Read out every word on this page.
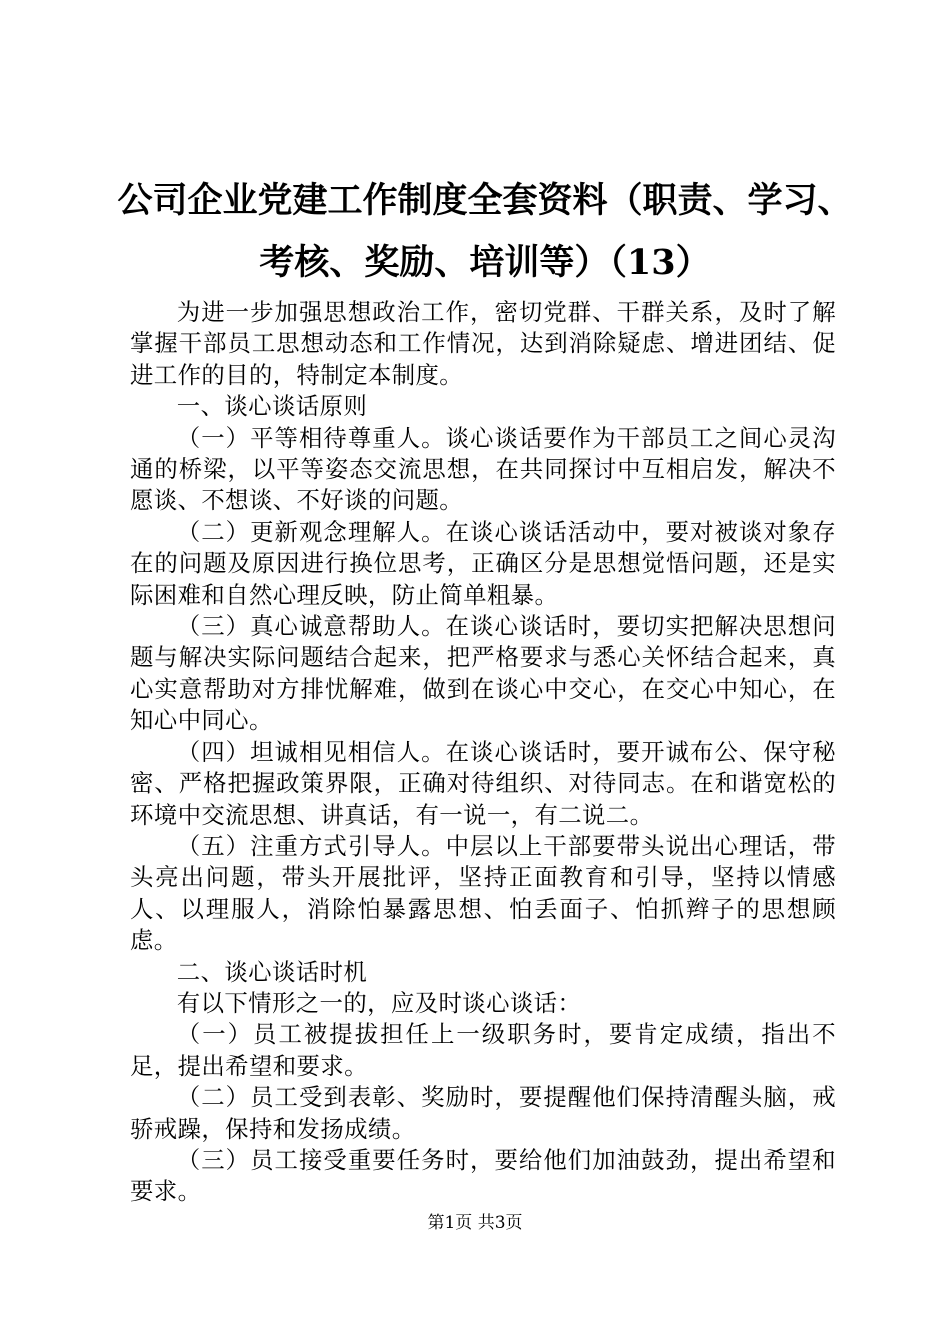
公司企业党建工作制度全套资料（职责、学习、
考核、奖励、培训等）（13）

为进一步加强思想政治工作，密切党群、干群关系，及时了解掌握干部员工思想动态和工作情况，达到消除疑虑、增进团结、促进工作的目的，特制定本制度。

一、谈心谈话原则

（一）平等相待尊重人。谈心谈话要作为干部员工之间心灵沟通的桥梁，以平等姿态交流思想，在共同探讨中互相启发，解决不愿谈、不想谈、不好谈的问题。

（二）更新观念理解人。在谈心谈话活动中，要对被谈对象存在的问题及原因进行换位思考，正确区分是思想觉悟问题，还是实际困难和自然心理反映，防止简单粗暴。

（三）真心诚意帮助人。在谈心谈话时，要切实把解决思想问题与解决实际问题结合起来，把严格要求与悉心关怀结合起来，真心实意帮助对方排忧解难，做到在谈心中交心，在交心中知心，在知心中同心。

（四）坦诚相见相信人。在谈心谈话时，要开诚布公、保守秘密、严格把握政策界限，正确对待组织、对待同志。在和谐宽松的环境中交流思想、讲真话，有一说一，有二说二。

（五）注重方式引导人。中层以上干部要带头说出心理话，带头亮出问题，带头开展批评，坚持正面教育和引导，坚持以情感人、以理服人，消除怕暴露思想、怕丢面子、怕抓辫子的思想顾虑。

二、谈心谈话时机

有以下情形之一的，应及时谈心谈话：

（一）员工被提拔担任上一级职务时，要肯定成绩，指出不足，提出希望和要求。

（二）员工受到表彰、奖励时，要提醒他们保持清醒头脑，戒骄戒躁，保持和发扬成绩。

（三）员工接受重要任务时，要给他们加油鼓劲，提出希望和要求。

第1页 共3页
